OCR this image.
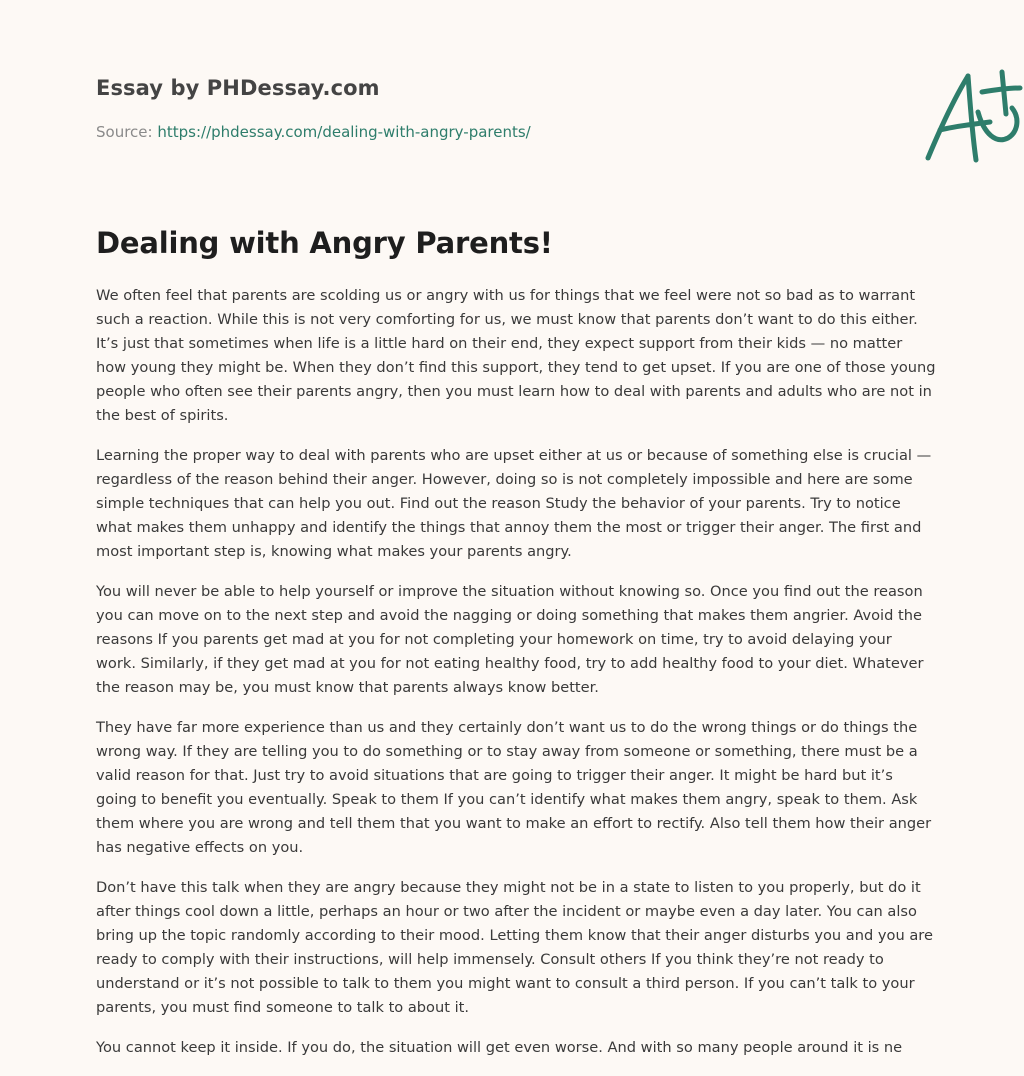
Essay by PHDessay.com
Source: https://phdessay.com/dealing-with-angry-parents/
Dealing with Angry Parents!

We often feel that parents are scolding us or angry with us for things that we feel were not so bad as to warrant such a reaction. While this is not very comforting for us, we must know that parents don’t want to do this either. It’s just that sometimes when life is a little hard on their end, they expect support from their kids — no matter how young they might be. When they don’t find this support, they tend to get upset. If you are one of those young people who often see their parents angry, then you must learn how to deal with parents and adults who are not in the best of spirits.

Learning the proper way to deal with parents who are upset either at us or because of something else is crucial — regardless of the reason behind their anger. However, doing so is not completely impossible and here are some simple techniques that can help you out. Find out the reason Study the behavior of your parents. Try to notice what makes them unhappy and identify the things that annoy them the most or trigger their anger. The first and most important step is, knowing what makes your parents angry.

You will never be able to help yourself or improve the situation without knowing so. Once you find out the reason you can move on to the next step and avoid the nagging or doing something that makes them angrier. Avoid the reasons If you parents get mad at you for not completing your homework on time, try to avoid delaying your work. Similarly, if they get mad at you for not eating healthy food, try to add healthy food to your diet. Whatever the reason may be, you must know that parents always know better.

They have far more experience than us and they certainly don’t want us to do the wrong things or do things the wrong way. If they are telling you to do something or to stay away from someone or something, there must be a valid reason for that. Just try to avoid situations that are going to trigger their anger. It might be hard but it’s going to benefit you eventually. Speak to them If you can’t identify what makes them angry, speak to them. Ask them where you are wrong and tell them that you want to make an effort to rectify. Also tell them how their anger has negative effects on you.

Don’t have this talk when they are angry because they might not be in a state to listen to you properly, but do it after things cool down a little, perhaps an hour or two after the incident or maybe even a day later. You can also bring up the topic randomly according to their mood. Letting them know that their anger disturbs you and you are ready to comply with their instructions, will help immensely. Consult others If you think they’re not ready to understand or it’s not possible to talk to them you might want to consult a third person. If you can’t talk to your parents, you must find someone to talk to about it.

You cannot keep it inside. If you do, the situation will get even worse. And with so many people around it is ne
